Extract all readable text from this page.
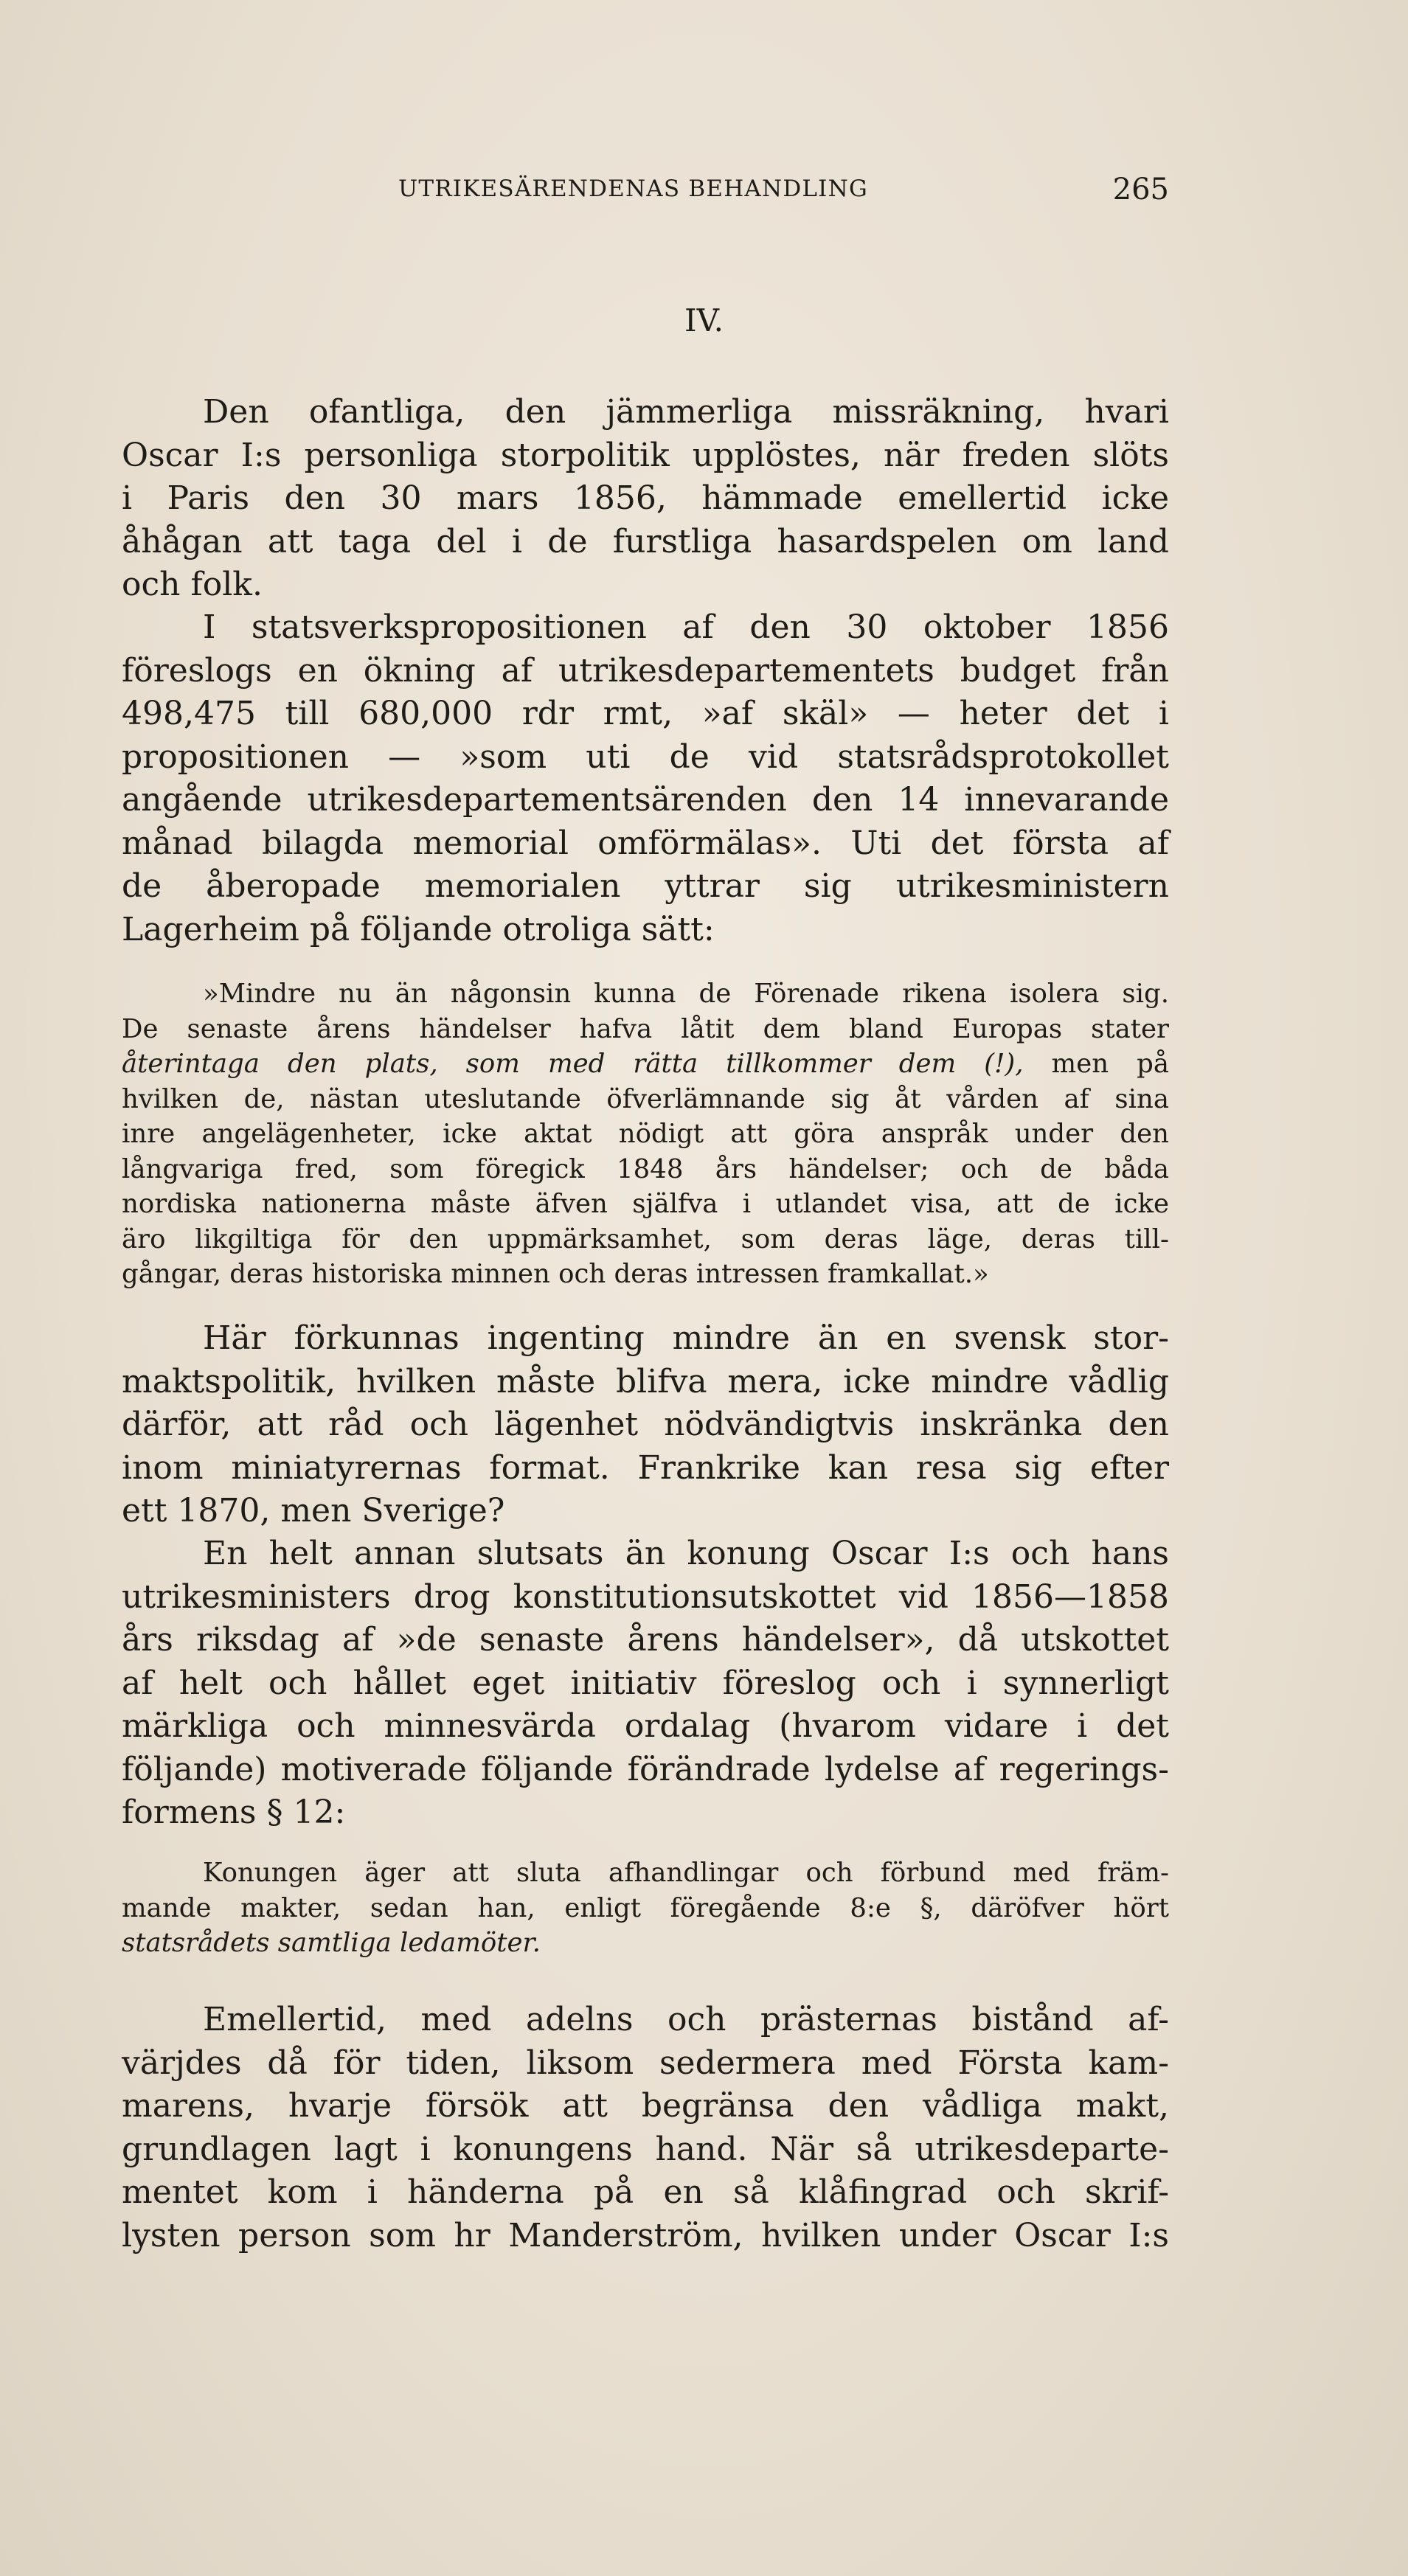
UTRIKESÄRENDENAS BEHANDLING	265
IV.
Den ofantliga, den jämmerliga missräkning, hvari
Oscar I:s personliga storpolitik upplöstes, när freden slöts
i Paris den 30 mars 1856, hämmade emellertid icke
åhågan att taga del i de furstliga hasardspelen om land
och folk.
I statsverkspropositionen af den 30 oktober 1856
föreslogs en ökning af utrikesdepartementets budget från
498,475 till 680,000 rdr rmt, »af skäl» — heter det i
propositionen — »som uti de vid statsrådsprotokollet
angående utrikesdepartementsärenden den 14 innevarande
månad bilagda memorial omförmälas». Uti det första af
de åberopade memorialen yttrar sig utrikesministern
Lagerheim på följande otroliga sätt:
»Mindre nu än någonsin kunna de Förenade rikena isolera sig.
De senaste årens händelser hafva låtit dem bland Europas stater
återintaga den plats, som med rätta tillkommer dem (!), men på
hvilken de, nästan uteslutande öfverlämnande sig åt vården af sina
inre angelägenheter, icke aktat nödigt att göra anspråk under den
långvariga fred, som föregick 1848 års händelser; och de båda
nordiska nationerna måste äfven själfva i utlandet visa, att de icke
äro likgiltiga för den uppmärksamhet, som deras läge, deras till-
gångar, deras historiska minnen och deras intressen framkallat.»
Här förkunnas ingenting mindre än en svensk stor-
maktspolitik, hvilken måste blifva mera, icke mindre vådlig
därför, att råd och lägenhet nödvändigtvis inskränka den
inom miniatyrernas format. Frankrike kan resa sig efter
ett 1870, men Sverige?
En helt annan slutsats än konung Oscar I:s och hans
utrikesministers drog konstitutionsutskottet vid 1856—1858
års riksdag af »de senaste årens händelser», då utskottet
af helt och hållet eget initiativ föreslog och i synnerligt
märkliga och minnesvärda ordalag (hvarom vidare i det
följande) motiverade följande förändrade lydelse af regerings-
formens § 12:
Konungen äger att sluta afhandlingar och förbund med främ-
mande makter, sedan han, enligt föregående 8:e §, däröfver hört
statsrådets samtliga ledamöter.
Emellertid, med adelns och prästernas bistånd af-
värjdes då för tiden, liksom sedermera med Första kam-
marens, hvarje försök att begränsa den vådliga makt,
grundlagen lagt i konungens hand. När så utrikesdeparte-
mentet kom i händerna på en så klåfingrad och skrif-
lysten person som hr Manderström, hvilken under Oscar I:s
